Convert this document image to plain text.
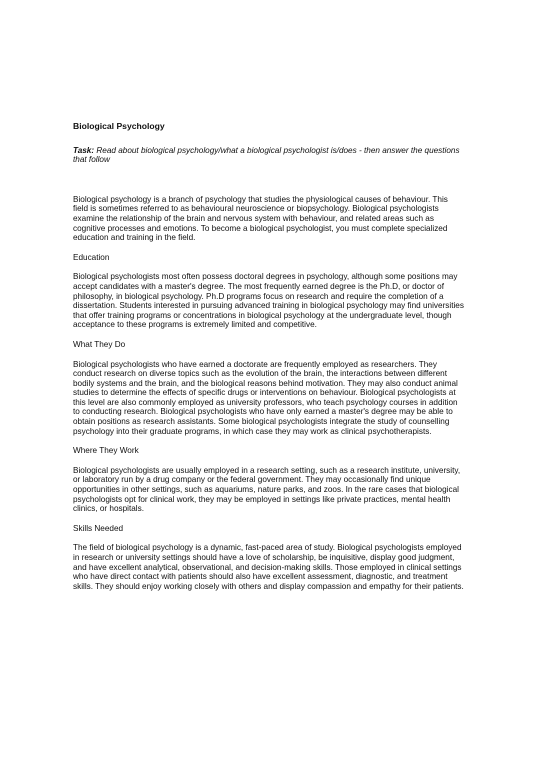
Biological Psychology
Task: Read about biological psychology/what a biological psychologist is/does - then answer the questions that follow
Biological psychology is a branch of psychology that studies the physiological causes of behaviour. This field is sometimes referred to as behavioural neuroscience or biopsychology. Biological psychologists examine the relationship of the brain and nervous system with behaviour, and related areas such as cognitive processes and emotions. To become a biological psychologist, you must complete specialized education and training in the field.
Education
Biological psychologists most often possess doctoral degrees in psychology, although some positions may accept candidates with a master's degree. The most frequently earned degree is the Ph.D, or doctor of philosophy, in biological psychology. Ph.D programs focus on research and require the completion of a dissertation. Students interested in pursuing advanced training in biological psychology may find universities that offer training programs or concentrations in biological psychology at the undergraduate level, though acceptance to these programs is extremely limited and competitive.
What They Do
Biological psychologists who have earned a doctorate are frequently employed as researchers. They conduct research on diverse topics such as the evolution of the brain, the interactions between different bodily systems and the brain, and the biological reasons behind motivation. They may also conduct animal studies to determine the effects of specific drugs or interventions on behaviour. Biological psychologists at this level are also commonly employed as university professors, who teach psychology courses in addition to conducting research. Biological psychologists who have only earned a master's degree may be able to obtain positions as research assistants. Some biological psychologists integrate the study of counselling psychology into their graduate programs, in which case they may work as clinical psychotherapists.
Where They Work
Biological psychologists are usually employed in a research setting, such as a research institute, university, or laboratory run by a drug company or the federal government. They may occasionally find unique opportunities in other settings, such as aquariums, nature parks, and zoos. In the rare cases that biological psychologists opt for clinical work, they may be employed in settings like private practices, mental health clinics, or hospitals.
Skills Needed
The field of biological psychology is a dynamic, fast-paced area of study. Biological psychologists employed in research or university settings should have a love of scholarship, be inquisitive, display good judgment, and have excellent analytical, observational, and decision-making skills. Those employed in clinical settings who have direct contact with patients should also have excellent assessment, diagnostic, and treatment skills. They should enjoy working closely with others and display compassion and empathy for their patients.
